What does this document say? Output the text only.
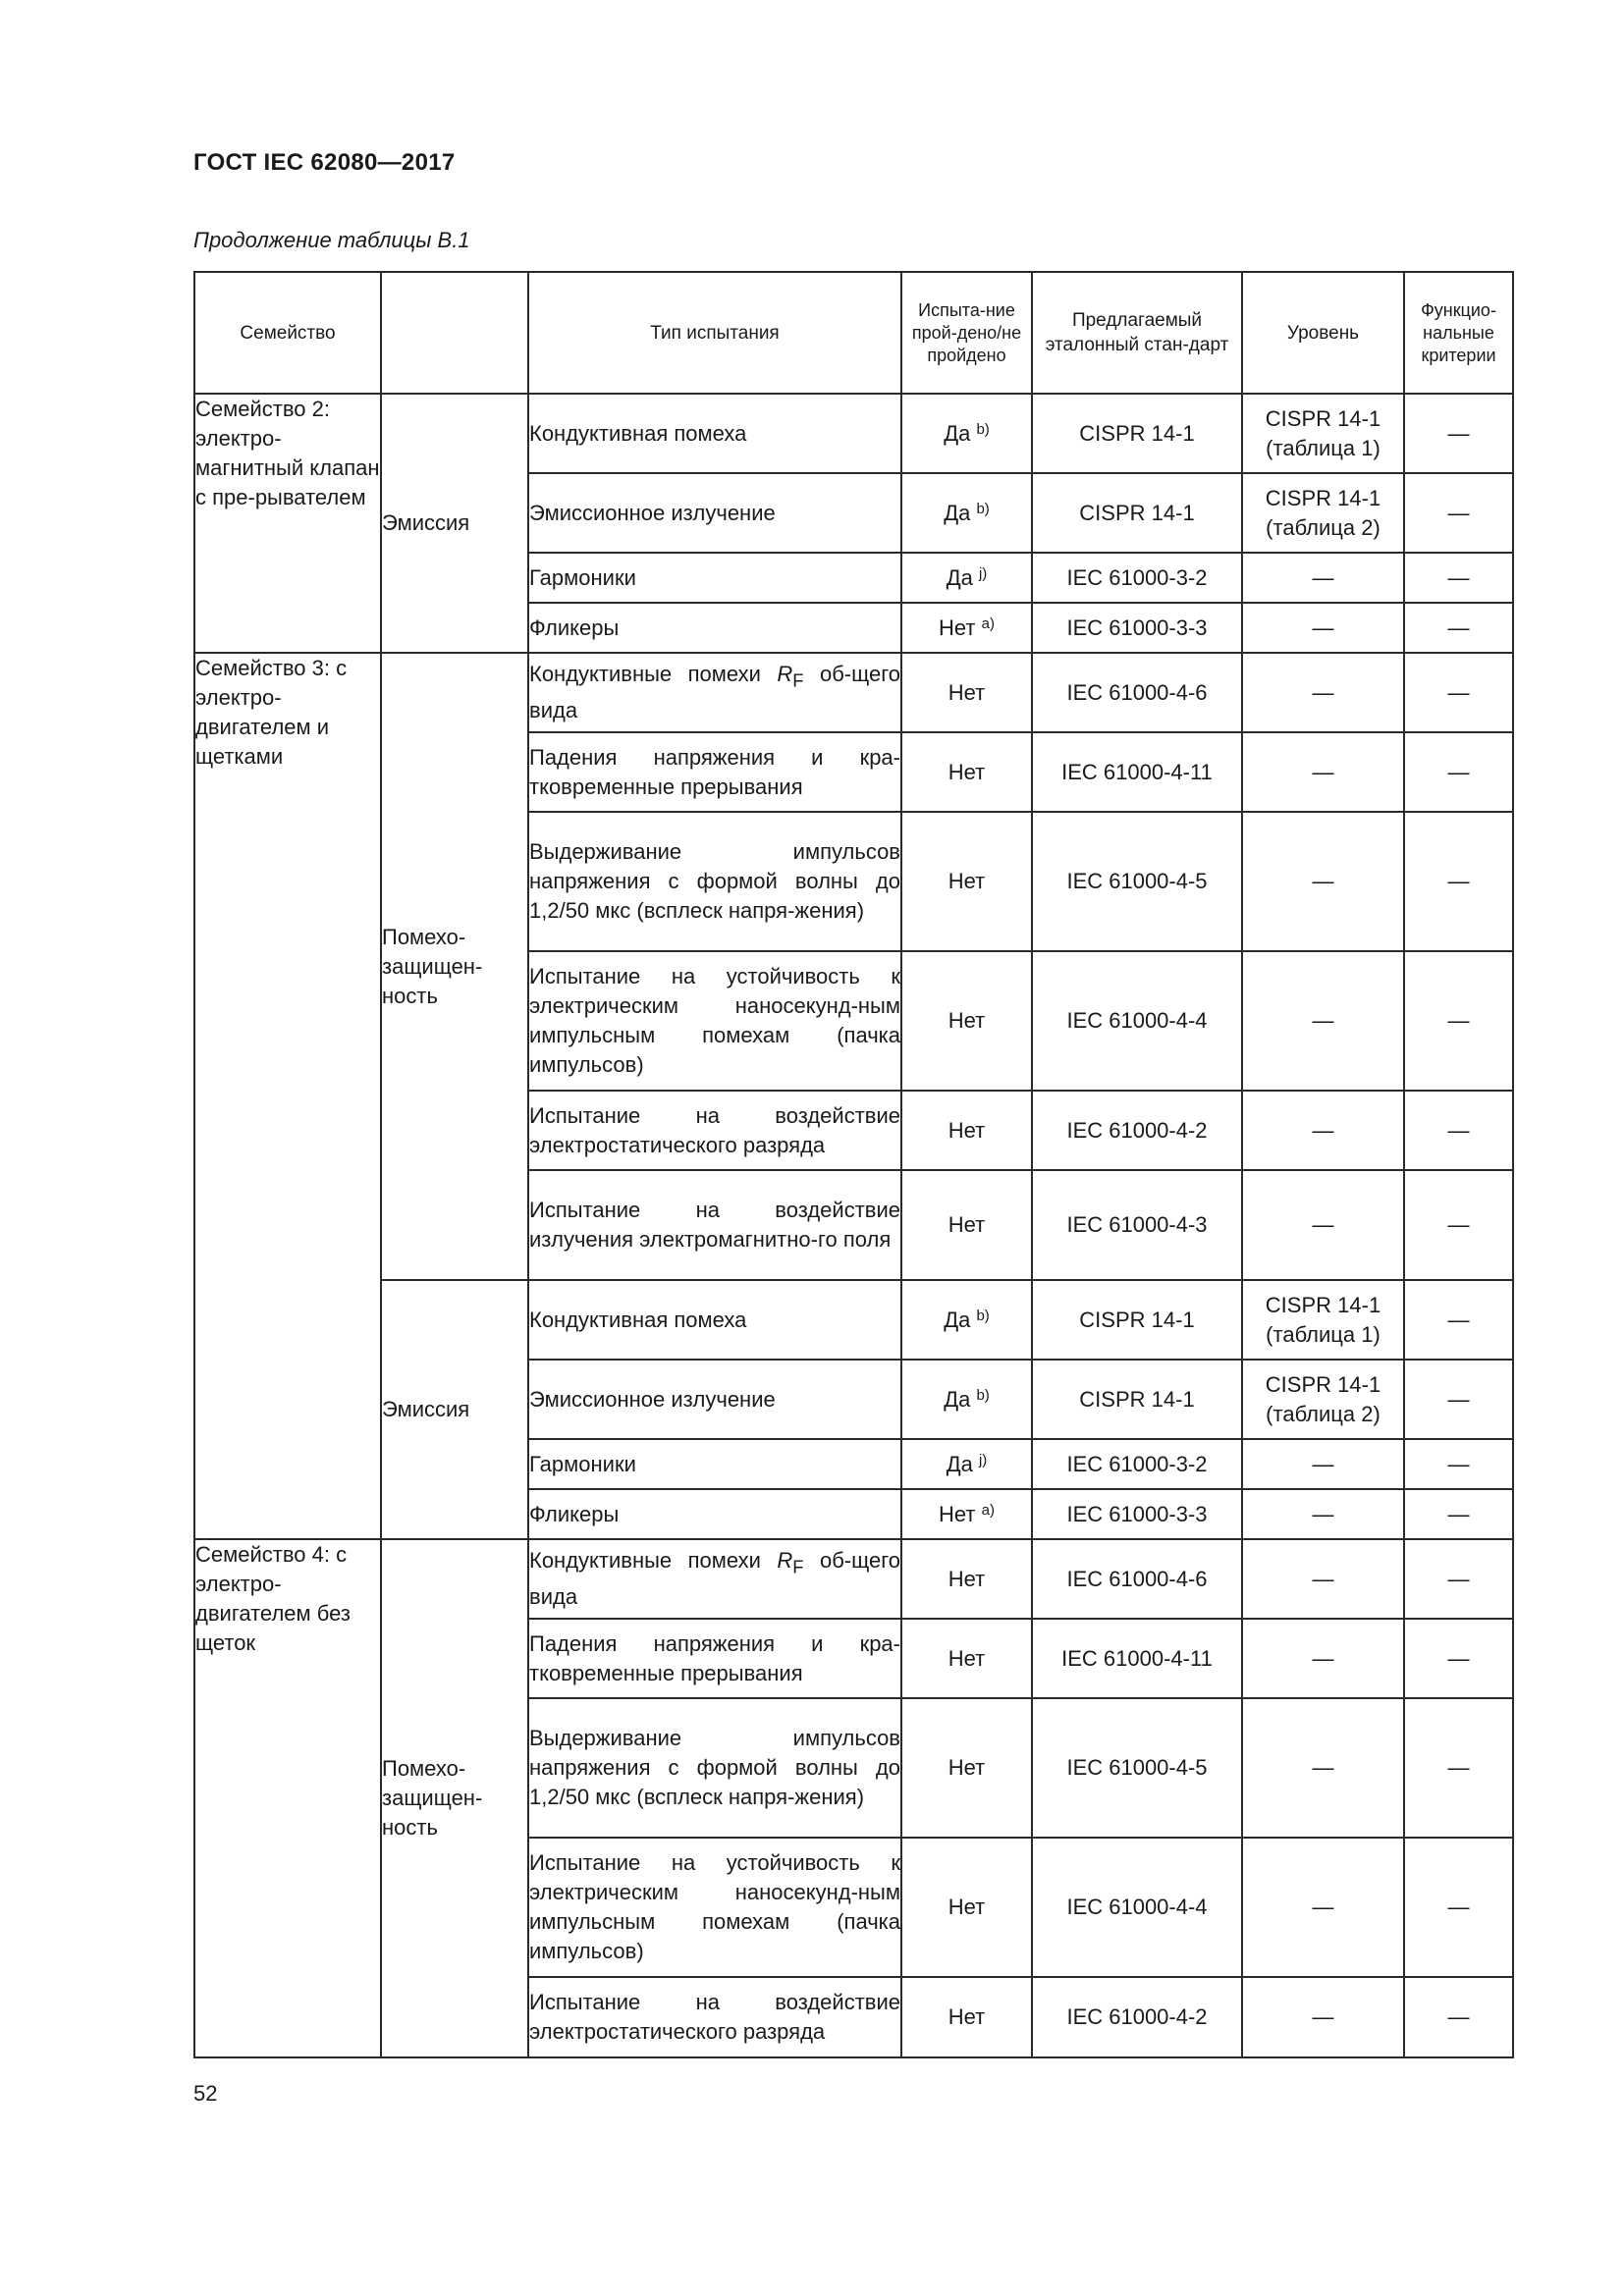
ГОСТ IEC 62080—2017
Продолжение таблицы В.1
Семейство		Тип испытания	Испыта-ние прой-дено/не пройдено	Предлагаемый эталонный стан-дарт	Уровень	Функцио-нальные критерии
Семейство 2: электро-магнитный клапан с пре-рывателем	Эмиссия	Кондуктивная помеха	Да $^{b)}$	CISPR 14-1	CISPR 14-1 (таблица 1)	—
		Эмиссионное излучение	Да $^{b)}$	CISPR 14-1	CISPR 14-1 (таблица 2)	—
		Гармоники	Да $^{j)}$	IEC 61000-3-2	—	—
		Фликеры	Нет $^{a)}$	IEC 61000-3-3	—	—
Семейство 3: с электро-двигателем и щетками	Помехо-защищен-ность	Кондуктивные помехи $R_F$ об-щего вида	Нет	IEC 61000-4-6	—	—
		Падения напряжения и кра-тковременные прерывания	Нет	IEC 61000-4-11	—	—
		Выдерживание импульсов напряжения с формой волны до 1,2/50 мкс (всплеск напря-жения)	Нет	IEC 61000-4-5	—	—
		Испытание на устойчивость к электрическим наносекунд-ным импульсным помехам (пачка импульсов)	Нет	IEC 61000-4-4	—	—
		Испытание на воздействие электростатического разряда	Нет	IEC 61000-4-2	—	—
		Испытание на воздействие излучения электромагнитно-го поля	Нет	IEC 61000-4-3	—	—
	Эмиссия	Кондуктивная помеха	Да $^{b)}$	CISPR 14-1	CISPR 14-1 (таблица 1)	—
		Эмиссионное излучение	Да $^{b)}$	CISPR 14-1	CISPR 14-1 (таблица 2)	—
		Гармоники	Да $^{j)}$	IEC 61000-3-2	—	—
		Фликеры	Нет $^{a)}$	IEC 61000-3-3	—	—
Семейство 4: с электро-двигателем без щеток	Помехо-защищен-ность	Кондуктивные помехи $R_F$ об-щего вида	Нет	IEC 61000-4-6	—	—
		Падения напряжения и кра-тковременные прерывания	Нет	IEC 61000-4-11	—	—
		Выдерживание импульсов напряжения с формой волны до 1,2/50 мкс (всплеск напря-жения)	Нет	IEC 61000-4-5	—	—
		Испытание на устойчивость к электрическим наносекунд-ным импульсным помехам (пачка импульсов)	Нет	IEC 61000-4-4	—	—
		Испытание на воздействие электростатического разряда	Нет	IEC 61000-4-2	—	—
52
